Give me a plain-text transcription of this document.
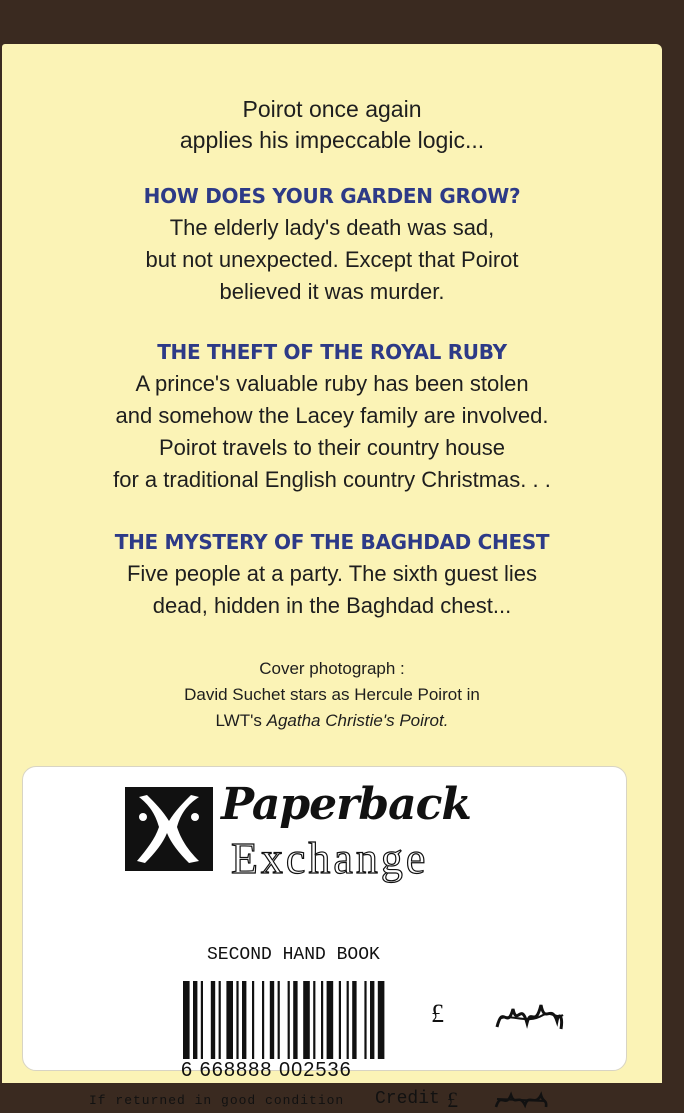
Poirot once again
applies his impeccable logic...
HOW DOES YOUR GARDEN GROW?
The elderly lady's death was sad,
but not unexpected. Except that Poirot
believed it was murder.
THE THEFT OF THE ROYAL RUBY
A prince's valuable ruby has been stolen
and somehow the Lacey family are involved.
Poirot travels to their country house
for a traditional English country Christmas. . .
THE MYSTERY OF THE BAGHDAD CHEST
Five people at a party. The sixth guest lies
dead, hidden in the Baghdad chest...
Cover photograph :
David Suchet stars as Hercule Poirot in
LWT's Agatha Christie's Poirot.
Paperback
Exchange
SECOND HAND BOOK
6 668888 002536
£
If returned in good condition Credit £
